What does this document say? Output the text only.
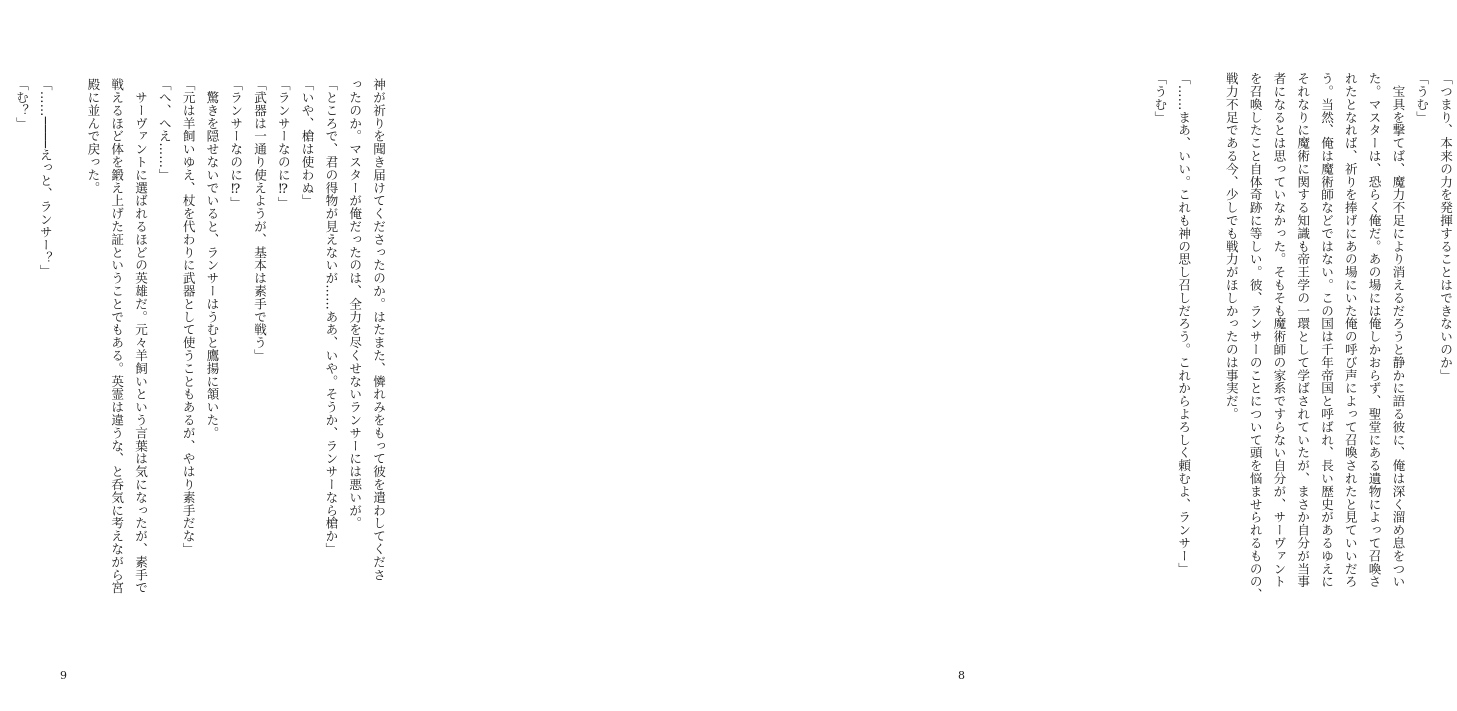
神が祈りを聞き届けてくださったのか。はたまた、憐れみをもって彼を遣わしてくださ

ったのか。マスターが俺だったのは、全力を尽くせないランサーには悪いが。

「ところで、君の得物が見えないが……ああ、いや。そうか、ランサーなら槍か」

「いや、槍は使わぬ」

「ランサーなのに⁉」

「武器は一通り使えようが、基本は素手で戦う」

「ランサーなのに⁉」

　驚きを隠せないでいると、ランサーはうむと鷹揚に頷いた。

「元は羊飼いゆえ、杖を代わりに武器として使うこともあるが、やはり素手だな」

「へ、へえ……」

　サーヴァントに選ばれるほどの英雄だ。元々羊飼いという言葉は気になったが、素手で

戦えるほど体を鍛え上げた証ということでもある。英霊は違うな、と呑気に考えながら宮

殿に並んで戻った。

「……────えっと、ランサー？」

「む？」

9

「つまり、本来の力を発揮することはできないのか」

「うむ」

　宝具を撃てば、魔力不足により消えるだろうと静かに語る彼に、俺は深く溜め息をつい

た。マスターは、恐らく俺だ。あの場には俺しかおらず、聖堂にある遺物によって召喚さ

れたとなれば、祈りを捧げにあの場にいた俺の呼び声によって召喚されたと見ていいだろ

う。当然、俺は魔術師などではない。この国は千年帝国と呼ばれ、長い歴史があるゆえに

それなりに魔術に関する知識も帝王学の一環として学ばされていたが、まさか自分が当事

者になるとは思っていなかった。そもそも魔術師の家系ですらない自分が、サーヴァント

を召喚したこと自体奇跡に等しい。彼、ランサーのことについて頭を悩ませられるものの、

戦力不足である今、少しでも戦力がほしかったのは事実だ。

「……まあ、いい。これも神の思し召しだろう。これからよろしく頼むよ、ランサー」

「うむ」

8
